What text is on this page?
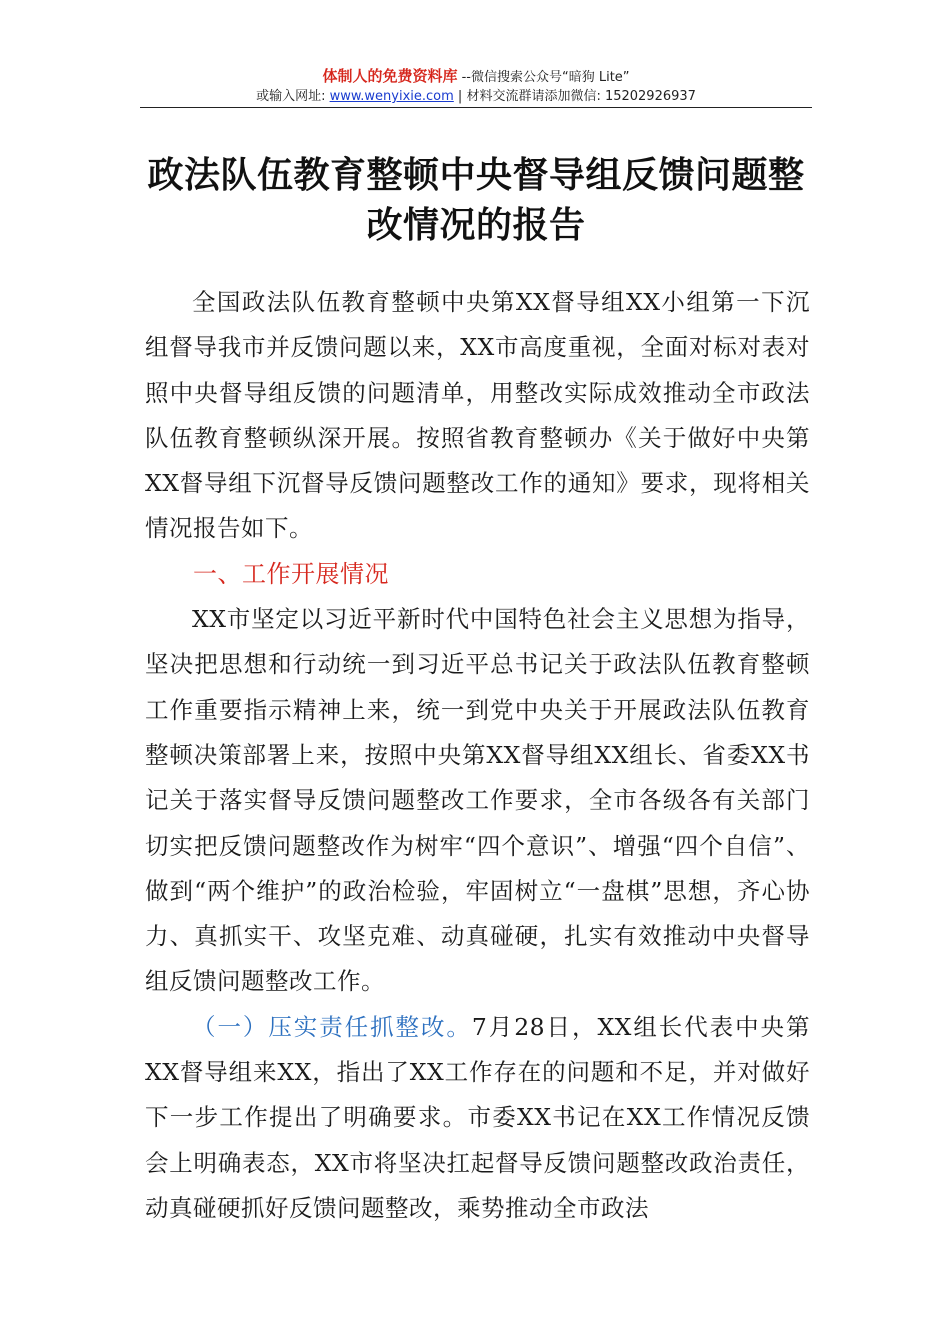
体制人的免费资料库 --微信搜索公众号“暗狗 Lite”
或输入网址: www.wenyixie.com | 材料交流群请添加微信: 15202926937
政法队伍教育整顿中央督导组反馈问题整
改情况的报告

全国政法队伍教育整顿中央第XX督导组XX小组第一下沉组督导我市并反馈问题以来，XX市高度重视，全面对标对表对照中央督导组反馈的问题清单，用整改实际成效推动全市政法队伍教育整顿纵深开展。按照省教育整顿办《关于做好中央第XX督导组下沉督导反馈问题整改工作的通知》要求，现将相关情况报告如下。

一、工作开展情况

XX市坚定以习近平新时代中国特色社会主义思想为指导，坚决把思想和行动统一到习近平总书记关于政法队伍教育整顿工作重要指示精神上来，统一到党中央关于开展政法队伍教育整顿决策部署上来，按照中央第XX督导组XX组长、省委XX书记关于落实督导反馈问题整改工作要求，全市各级各有关部门切实把反馈问题整改作为树牢“四个意识”、增强“四个自信”、做到“两个维护”的政治检验，牢固树立“一盘棋”思想，齐心协力、真抓实干、攻坚克难、动真碰硬，扎实有效推动中央督导组反馈问题整改工作。

（一）压实责任抓整改。7月28日，XX组长代表中央第XX督导组来XX，指出了XX工作存在的问题和不足，并对做好下一步工作提出了明确要求。市委XX书记在XX工作情况反馈会上明确表态，XX市将坚决扛起督导反馈问题整改政治责任，动真碰硬抓好反馈问题整改，乘势推动全市政法
